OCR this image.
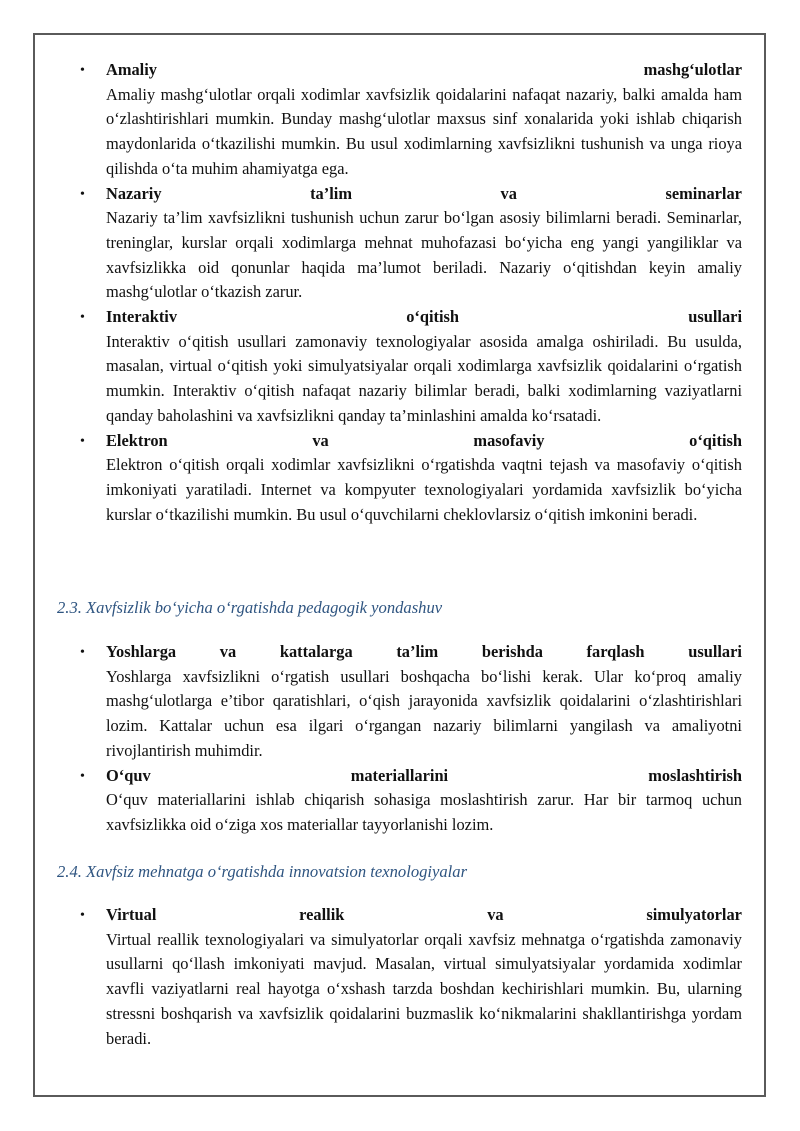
• Amaliy	mashg‘ulotlar
Amaliy mashg‘ulotlar orqali xodimlar xavfsizlik qoidalarini nafaqat nazariy, balki amalda ham o‘zlashtirishlari mumkin. Bunday mashg‘ulotlar maxsus sinf xonalarida yoki ishlab chiqarish maydonlarida o‘tkazilishi mumkin. Bu usul xodimlarning xavfsizlikni tushunish va unga rioya qilishda o‘ta muhim ahamiyatga ega.
• Nazariy	ta’lim	va	seminarlar
Nazariy ta’lim xavfsizlikni tushunish uchun zarur bo‘lgan asosiy bilimlarni beradi. Seminarlar, treninglar, kurslar orqali xodimlarga mehnat muhofazasi bo‘yicha eng yangi yangiliklar va xavfsizlikka oid qonunlar haqida ma’lumot beriladi. Nazariy o‘qitishdan keyin amaliy mashg‘ulotlar o‘tkazish zarur.
• Interaktiv	o‘qitish	usullari
Interaktiv o‘qitish usullari zamonaviy texnologiyalar asosida amalga oshiriladi. Bu usulda, masalan, virtual o‘qitish yoki simulyatsiyalar orqali xodimlarga xavfsizlik qoidalarini o‘rgatish mumkin. Interaktiv o‘qitish nafaqat nazariy bilimlar beradi, balki xodimlarning vaziyatlarni qanday baholashini va xavfsizlikni qanday ta’minlashini amalda ko‘rsatadi.
• Elektron	va	masofaviy	o‘qitish
Elektron o‘qitish orqali xodimlar xavfsizlikni o‘rgatishda vaqtni tejash va masofaviy o‘qitish imkoniyati yaratiladi. Internet va kompyuter texnologiyalari yordamida xavfsizlik bo‘yicha kurslar o‘tkazilishi mumkin. Bu usul o‘quvchilarni cheklovlarsiz o‘qitish imkonini beradi.
2.3. Xavfsizlik bo‘yicha o‘rgatishda pedagogik yondashuv
• Yoshlarga	va	kattalarga	ta’lim	berishda	farqlash	usullari
Yoshlarga xavfsizlikni o‘rgatish usullari boshqacha bo‘lishi kerak. Ular ko‘proq amaliy mashg‘ulotlarga e’tibor qaratishlari, o‘qish jarayonida xavfsizlik qoidalarini o‘zlashtirishlari lozim. Kattalar uchun esa ilgari o‘rgangan nazariy bilimlarni yangilash va amaliyotni rivojlantirish muhimdir.
• O‘quv	materiallarini	moslashtirish
O‘quv materiallarini ishlab chiqarish sohasiga moslashtirish zarur. Har bir tarmoq uchun xavfsizlikka oid o‘ziga xos materiallar tayyorlanishi lozim.
2.4. Xavfsiz mehnatga o‘rgatishda innovatsion texnologiyalar
• Virtual	reallik	va	simulyatorlar
Virtual reallik texnologiyalari va simulyatorlar orqali xavfsiz mehnatga o‘rgatishda zamonaviy usullarni qo‘llash imkoniyati mavjud. Masalan, virtual simulyatsiyalar yordamida xodimlar xavfli vaziyatlarni real hayotga o‘xshash tarzda boshdan kechirishlari mumkin. Bu, ularning stressni boshqarish va xavfsizlik qoidalarini buzmaslik ko‘nikmalarini shakllantirishga yordam beradi.
